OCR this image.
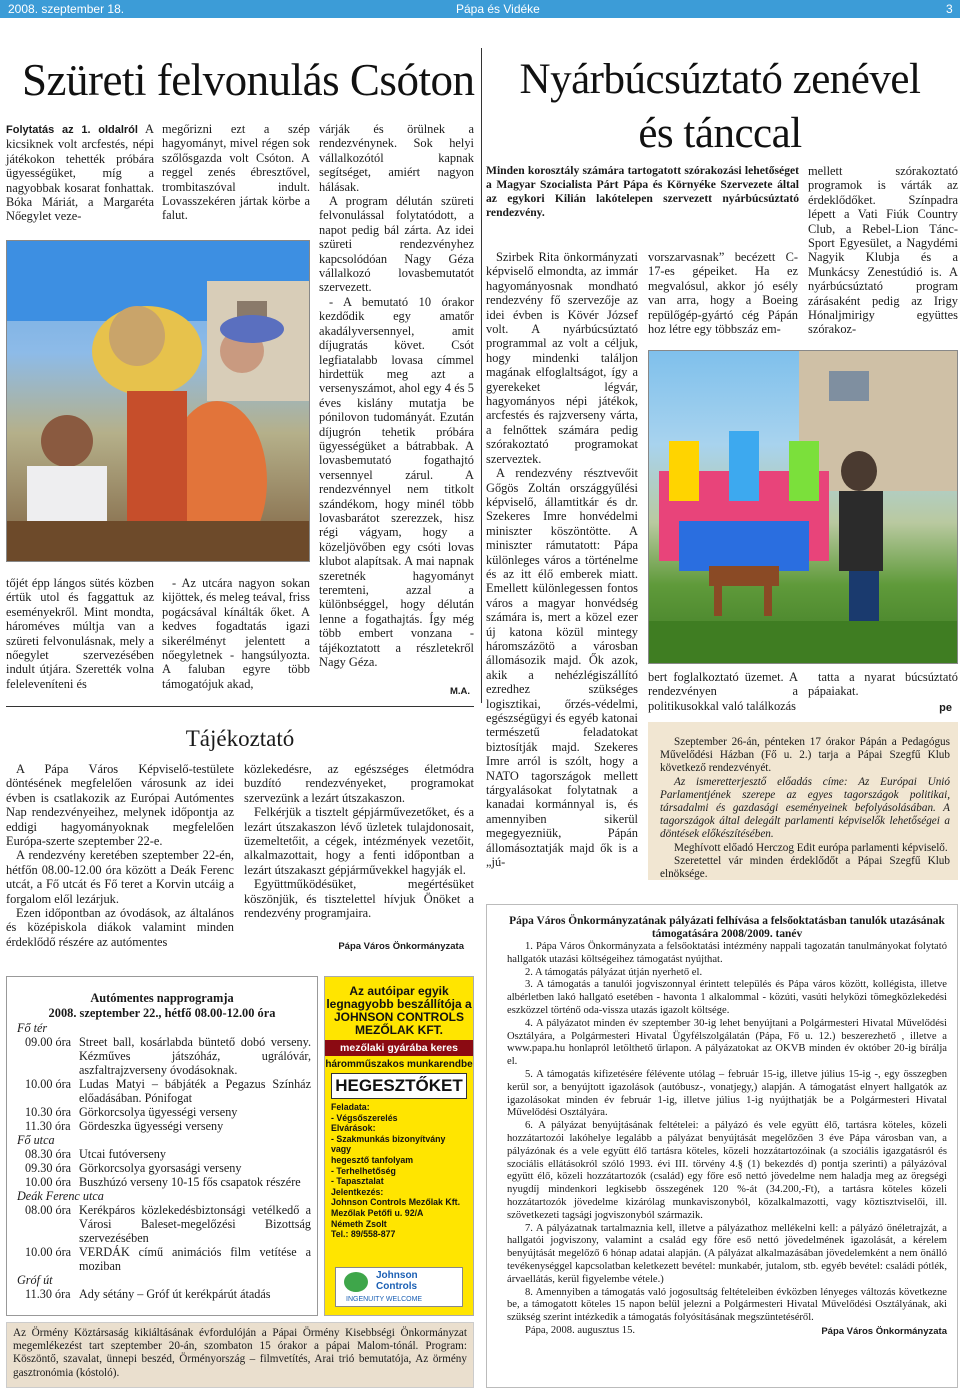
2008. szeptember 18.	Pápa és Vidéke	3
Szüreti felvonulás Csóton

Folytatás az 1. oldalról A kicsiknek volt arcfestés, népi játékokon tehették próbára ügyességüket, míg a nagyobbak kosarat fonhattak. Bóka Máriát, a Margaréta Nőegylet veze-

megőrizni ezt a szép hagyományt, mivel régen sok szőlősgazda volt Csóton. A reggel zenés ébresztővel, trombitaszóval indult. Lovasszekéren jártak körbe a falut.

tőjét épp lángos sütés közben értük utol és faggattuk az eseményekről. Mint mondta, hároméves múltja van a szüreti felvonulásnak, mely a nőegylet szervezésében indult útjára. Szerették volna feleleveníteni és

- Az utcára nagyon sokan kijöttek, és meleg teával, friss pogácsával kínálták őket. A kedves fogadtatás igazi sikerélményt jelentett a nőegyletnek - hangsúlyozta. A faluban egyre több támogatójuk akad,

várják és örülnek a rendezvénynek. Sok helyi vállalkozótól kapnak segítséget, amiért nagyon hálásak.

A program délután szüreti felvonulással folytatódott, a napot pedig bál zárta. Az idei szüreti rendezvényhez kapcsolódóan Nagy Géza vállalkozó lovasbemutatót szervezett.

- A bemutató 10 órakor kezdődik egy amatőr akadályversennyel, amit díjugratás követ. Csót legfiatalabb lovasa címmel hirdettük meg azt a versenyszámot, ahol egy 4 és 5 éves kislány mutatja be pónilovon tudományát. Ezután díjugrón tehetik próbára ügyességüket a bátrabbak. A lovasbemutató fogathajtó versennyel zárul. A rendezvénnyel nem titkolt szándékom, hogy minél több lovasbarátot szerezzek, hisz régi vágyam, hogy a közeljövőben egy csóti lovas klubot alapítsak. A mai napnak szeretnék hagyományt teremteni, azzal a különbséggel, hogy délután lenne a fogathajtás. Így még több embert vonzana - tájékoztatott a részletekről Nagy Géza.

M.A.
Tájékoztató

A Pápa Város Képviselő-testülete döntésének megfelelően városunk az idei évben is csatlakozik az Európai Autómentes Nap rendezvényeihez, melynek időpontja az eddigi hagyományoknak megfelelően Európa-szerte szeptember 22-e.

A rendezvény keretében szeptember 22-én, hétfőn 08.00-12.00 óra között a Deák Ferenc utcát, a Fő utcát és Fő teret a Korvin utcáig a forgalom elől lezárjuk.

Ezen időpontban az óvodások, az általános és középiskola diákok valamint minden érdeklődő részére az autómentes

közlekedésre, az egészséges életmódra buzdító rendezvényeket, programokat szervezünk a lezárt útszakaszon.

Felkérjük a tisztelt gépjárművezetőket, és a lezárt útszakaszon lévő üzletek tulajdonosait, üzemeltetőit, a cégek, intézmények vezetőit, alkalmazottait, hogy a fenti időpontban a lezárt útszakaszt gépjárművekkel hagyják el.

Együttműködésüket, megértésüket köszönjük, és tisztelettel hívjuk Önöket a rendezvény programjaira.

Pápa Város Önkormányzata
Autómentes napprogramja
2008. szeptember 22., hétfő 08.00-12.00 óra
Fő tér
09.00 óra Street ball, kosárlabda büntető dobó verseny. Kézműves játszóház, ugrálóvár, aszfaltrajzverseny óvodásoknak.
10.00 óra Ludas Matyi – bábjáték a Pegazus Színház előadásában. Pónifogat
10.30 óra Görkorcsolya ügyességi verseny
11.30 óra Gördeszka ügyességi verseny
Fő utca
08.30 óra Utcai futóverseny
09.30 óra Görkorcsolya gyorsasági verseny
10.00 óra Buszhúzó verseny 10-15 fős csapatok részére
Deák Ferenc utca
08.00 óra Kerékpáros közlekedésbiztonsági vetélkedő a Városi Baleset-megelőzési Bizottság szervezésében
10.00 óra VERDÁK című animációs film vetítése a moziban
Gróf út
11.30 óra Ady sétány – Gróf út kerékpárút átadás
Az autóipar egyik
legnagyobb beszállítója a
JOHNSON CONTROLS
MEZŐLAK KFT.
mezőlaki gyárába keres
háromműszakos munkarendbe
HEGESZTŐKET
Feladata:
- Végsőszerelés
Elvárások:
- Szakmunkás bizonyítvány vagy
hegesztő tanfolyam
- Terhelhetőség
- Tapasztalat
Jelentkezés:
Johnson Controls Mezőlak Kft.
Mezőlak Petőfi u. 92/A
Németh Zsolt
Tel.: 89/558-877
Johnson
Controls
INGENUITY WELCOME

Az Örmény Köztársaság kikiáltásának évfordulóján a Pápai Örmény Kisebbségi Önkormányzat megemlékezést tart szeptember 20-án, szombaton 15 órakor a pápai Malom-tónál. Program: Köszöntő, szavalat, ünnepi beszéd, Örményország – filmvetítés, Arai trió bemutatója, Az örmény gasztronómia (kóstoló).

Nyárbúcsúztató zenével
és tánccal
Minden korosztály számára tartogatott szórakozási lehetőséget a Magyar Szocialista Párt Pápa és Környéke Szervezete által az egykori Kilián lakótelepen szervezett nyárbúcsúztató rendezvény.

Szirbek Rita önkormányzati képviselő elmondta, az immár hagyományosnak mondható rendezvény fő szervezője az idei évben is Kövér József volt. A nyárbúcsúztató programmal az volt a céljuk, hogy mindenki találjon magának elfoglaltságot, így a gyerekeket légvár, hagyományos népi játékok, arcfestés és rajzverseny várta, a felnőttek számára pedig szórakoztató programokat szerveztek.

A rendezvény résztvevőit Gőgös Zoltán országgyűlési képviselő, államtitkár és dr. Szekeres Imre honvédelmi miniszter köszöntötte. A miniszter rámutatott: Pápa különleges város a történelme és az itt élő emberek miatt. Emellett különlegessen fontos város a magyar honvédség számára is, mert a közel ezer új katona közül mintegy háromszázötö a városban állomásozik majd. Ők azok, akik a nehézlégiszállító ezredhez szükséges logisztikai, őrzés-védelmi, egészségügyi és egyéb katonai természetű feladatokat biztosítják majd. Szekeres Imre arról is szólt, hogy a NATO tagországok mellett tárgyalásokat folytatnak a kanadai kormánnyal is, és amennyiben sikerül megegyezniük, Pápán állomásoztatják majd ők is a „jú-

vorszarvasnak” becézett C-17-es gépeiket. Ha ez megvalósul, akkor jó esély van arra, hogy a Boeing repülőgép-gyártó cég Pápán hoz létre egy többszáz em-

mellett szórakoztató programok is várták az érdeklődőket. Színpadra lépett a Vati Fiúk Country Club, a Rebel-Lion Tánc-Sport Egyesület, a Nagydémi Nagyik Klubja és a Munkácsy Zenestúdió is. A nyárbúcsúztató program zárásaként pedig az Irigy Hónaljmirigy együttes szórakoz-

bert foglalkoztató üzemet. A rendezvényen a politikusokkal való találkozás

tatta a nyarat búcsúztató pápaiakat.

pe

Szeptember 26-án, pénteken 17 órakor Pápán a Pedagógus Művelődési Házban (Fő u. 2.) tarja a Pápai Szegfű Klub következő rendezvényét.

Az ismeretterjesztő előadás címe: Az Európai Unió Parlamentjének szerepe az egyes tagországok politikai, társadalmi és gazdasági eseményeinek befolyásolásában. A tagországok által delegált parlamenti képviselők lehetőségei a döntések előkészítésében.

Meghívott előadó Herczog Edit európa parlamenti képviselő.

Szeretettel vár minden érdeklődőt a Pápai Szegfű Klub elnöksége.

Pápa Város Önkormányzatának pályázati felhívása a felsőoktatásban tanulók utazásának támogatására 2008/2009. tanév

1. Pápa Város Önkormányzata a felsőoktatási intézmény nappali tagozatán tanulmányokat folytató hallgatók utazási költségeihez támogatást nyújthat.

2. A támogatás pályázat útján nyerhető el.

3. A támogatás a tanulói jogviszonnyal érintett település és Pápa város között, kollégista, illetve albérletben lakó hallgató esetében - havonta 1 alkalommal - közúti, vasúti helyközi tömegközlekedési eszközzel történő oda-vissza utazás igazolt költsége.

4. A pályázatot minden év szeptember 30-ig lehet benyújtani a Polgármesteri Hivatal Művelődési Osztályára, a Polgármesteri Hivatal Ügyfélszolgálatán (Pápa, Fő u. 12.) beszerezhető , illetve a www.papa.hu honlapról letölthető űrlapon. A pályázatokat az OKVB minden év október 20-ig bírálja el.

5. A támogatás kifizetésére félévente utólag – február 15-ig, illetve július 15-ig -, egy összegben kerül sor, a benyújtott igazolások (autóbusz-, vonatjegy,) alapján. A támogatást elnyert hallgatók az igazolásokat minden év február 1-ig, illetve július 1-ig nyújthatják be a Polgármesteri Hivatal Művelődési Osztályára.

6. A pályázat benyújtásának feltételei: a pályázó és vele együtt élő, tartásra köteles, közeli hozzátartozói lakóhelye legalább a pályázat benyújtását megelőzően 3 éve Pápa városban van, a pályázónak és a vele együtt élő tartásra köteles, közeli hozzátartozóinak (a szociális igazgatásról és szociális ellátásokról szóló 1993. évi III. törvény 4.§ (1) bekezdés d) pontja szerinti) a pályázóval együtt élő, közeli hozzátartozók (család) egy főre eső nettó jövedelme nem haladja meg az öregségi nyugdíj mindenkori legkisebb összegének 120 %-át (34.200,-Ft), a tartásra köteles közeli hozzátartozók jövedelme kizárólag munkaviszonyból, közalkalmazotti, vagy köztisztviselői, ill. szövetkezeti tagsági jogviszonyból származik.

7. A pályázatnak tartalmaznia kell, illetve a pályázathoz mellékelni kell: a pályázó önéletrajzát, a hallgatói jogviszony, valamint a család egy főre eső nettó jövedelmének igazolását, a kérelem benyújtását megelőző 6 hónap adatai alapján. (A pályázat alkalmazásában jövedelemként a nem önálló tevékenységgel kapcsolatban keletkezett bevétel: munkabér, jutalom, stb. egyéb bevétel: családi pótlék, árvaellátás, kerül figyelembe vétele.)

8. Amennyiben a támogatás való jogosultság feltételeiben évközben lényeges változás következne be, a támogatott köteles 15 napon belül jelezni a Polgármesteri Hivatal Művelődési Osztályának, aki szükség szerint intézkedik a támogatás folyósításának megszüntetéséről.

Pápa, 2008. augusztus 15.	Pápa Város Önkormányzata
